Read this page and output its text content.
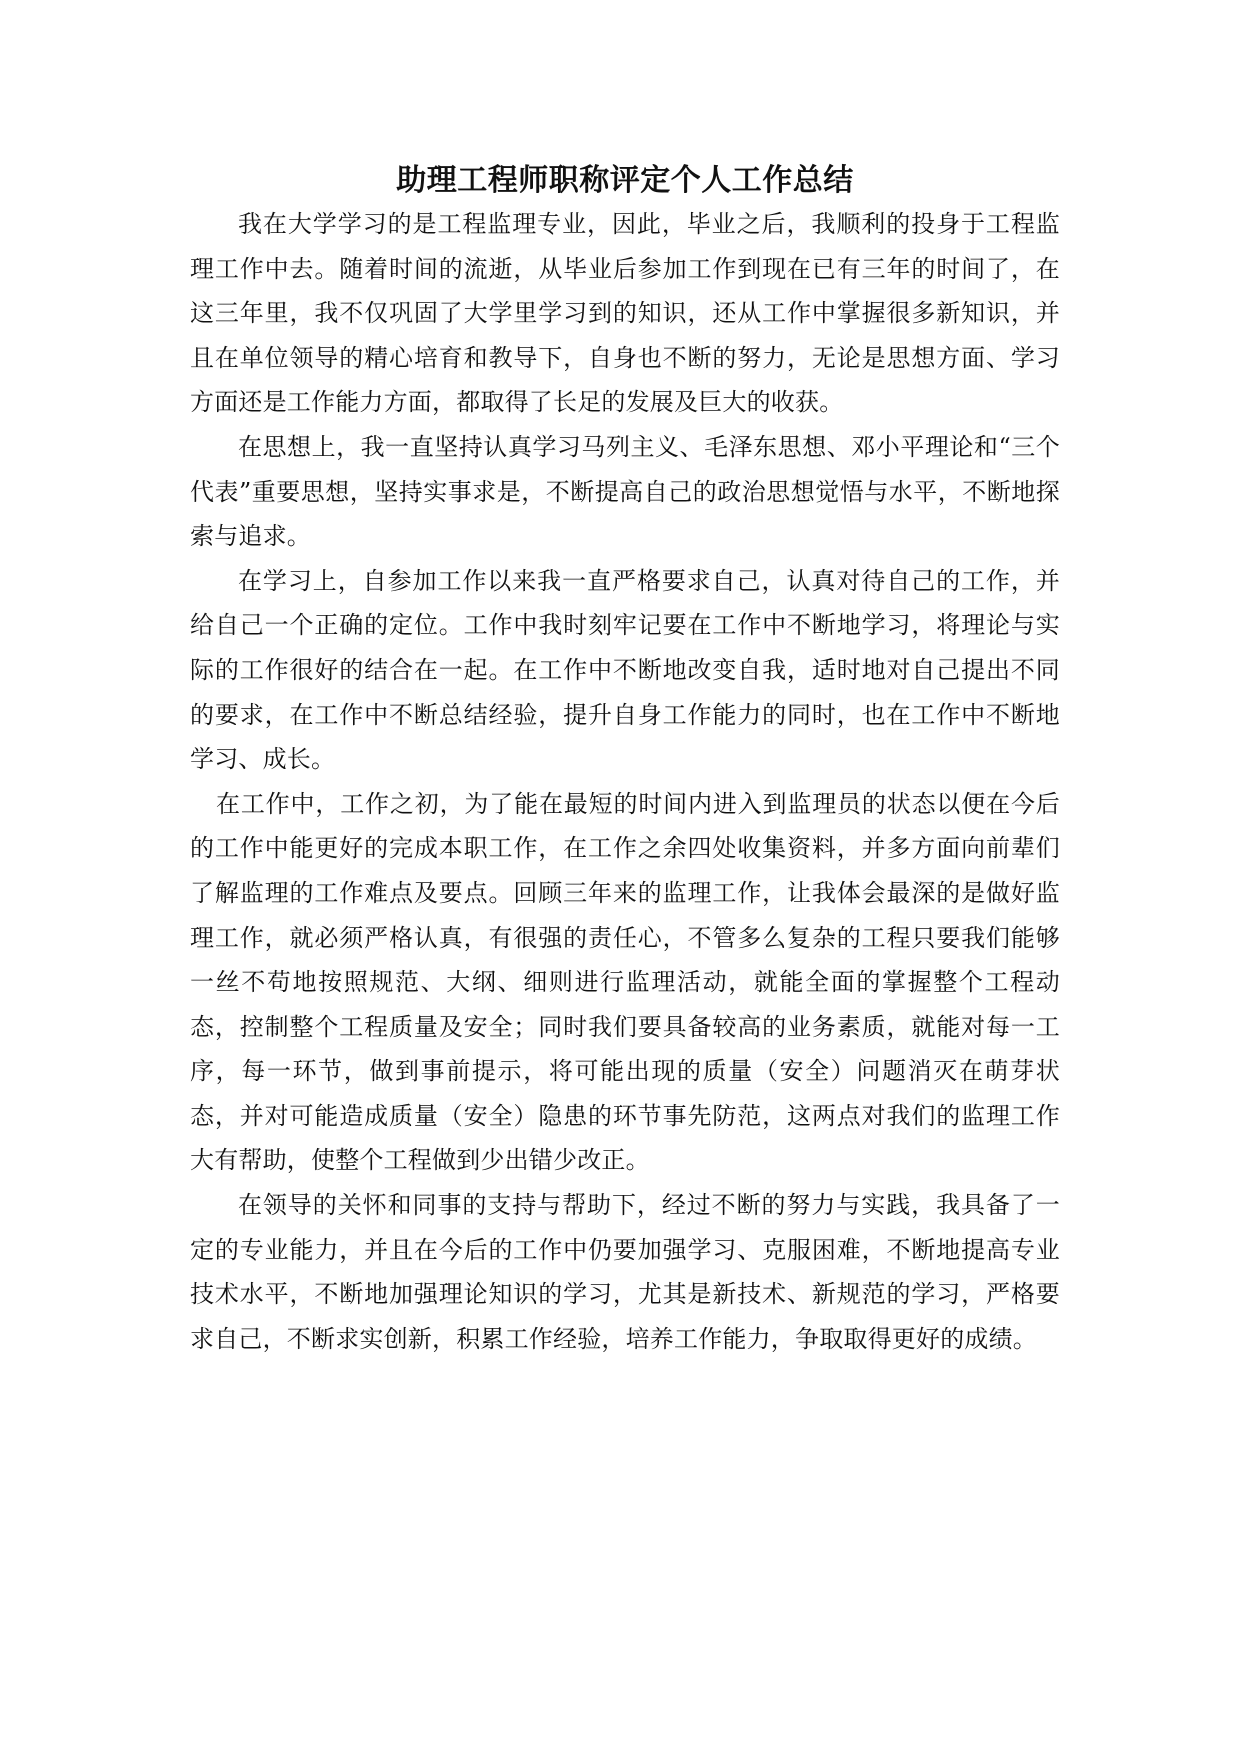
助理工程师职称评定个人工作总结

我在大学学习的是工程监理专业，因此，毕业之后，我顺利的投身于工程监理工作中去。随着时间的流逝，从毕业后参加工作到现在已有三年的时间了，在这三年里，我不仅巩固了大学里学习到的知识，还从工作中掌握很多新知识，并且在单位领导的精心培育和教导下，自身也不断的努力，无论是思想方面、学习方面还是工作能力方面，都取得了长足的发展及巨大的收获。

在思想上，我一直坚持认真学习马列主义、毛泽东思想、邓小平理论和“三个代表”重要思想，坚持实事求是，不断提高自己的政治思想觉悟与水平，不断地探索与追求。

在学习上，自参加工作以来我一直严格要求自己，认真对待自己的工作，并给自己一个正确的定位。工作中我时刻牢记要在工作中不断地学习，将理论与实际的工作很好的结合在一起。在工作中不断地改变自我，适时地对自己提出不同的要求，在工作中不断总结经验，提升自身工作能力的同时，也在工作中不断地学习、成长。

在工作中，工作之初，为了能在最短的时间内进入到监理员的状态以便在今后的工作中能更好的完成本职工作，在工作之余四处收集资料，并多方面向前辈们了解监理的工作难点及要点。回顾三年来的监理工作，让我体会最深的是做好监理工作，就必须严格认真，有很强的责任心，不管多么复杂的工程只要我们能够一丝不苟地按照规范、大纲、细则进行监理活动，就能全面的掌握整个工程动态，控制整个工程质量及安全；同时我们要具备较高的业务素质，就能对每一工序，每一环节，做到事前提示，将可能出现的质量（安全）问题消灭在萌芽状态，并对可能造成质量（安全）隐患的环节事先防范，这两点对我们的监理工作大有帮助，使整个工程做到少出错少改正。

在领导的关怀和同事的支持与帮助下，经过不断的努力与实践，我具备了一定的专业能力，并且在今后的工作中仍要加强学习、克服困难，不断地提高专业技术水平，不断地加强理论知识的学习，尤其是新技术、新规范的学习，严格要求自己，不断求实创新，积累工作经验，培养工作能力，争取取得更好的成绩。
